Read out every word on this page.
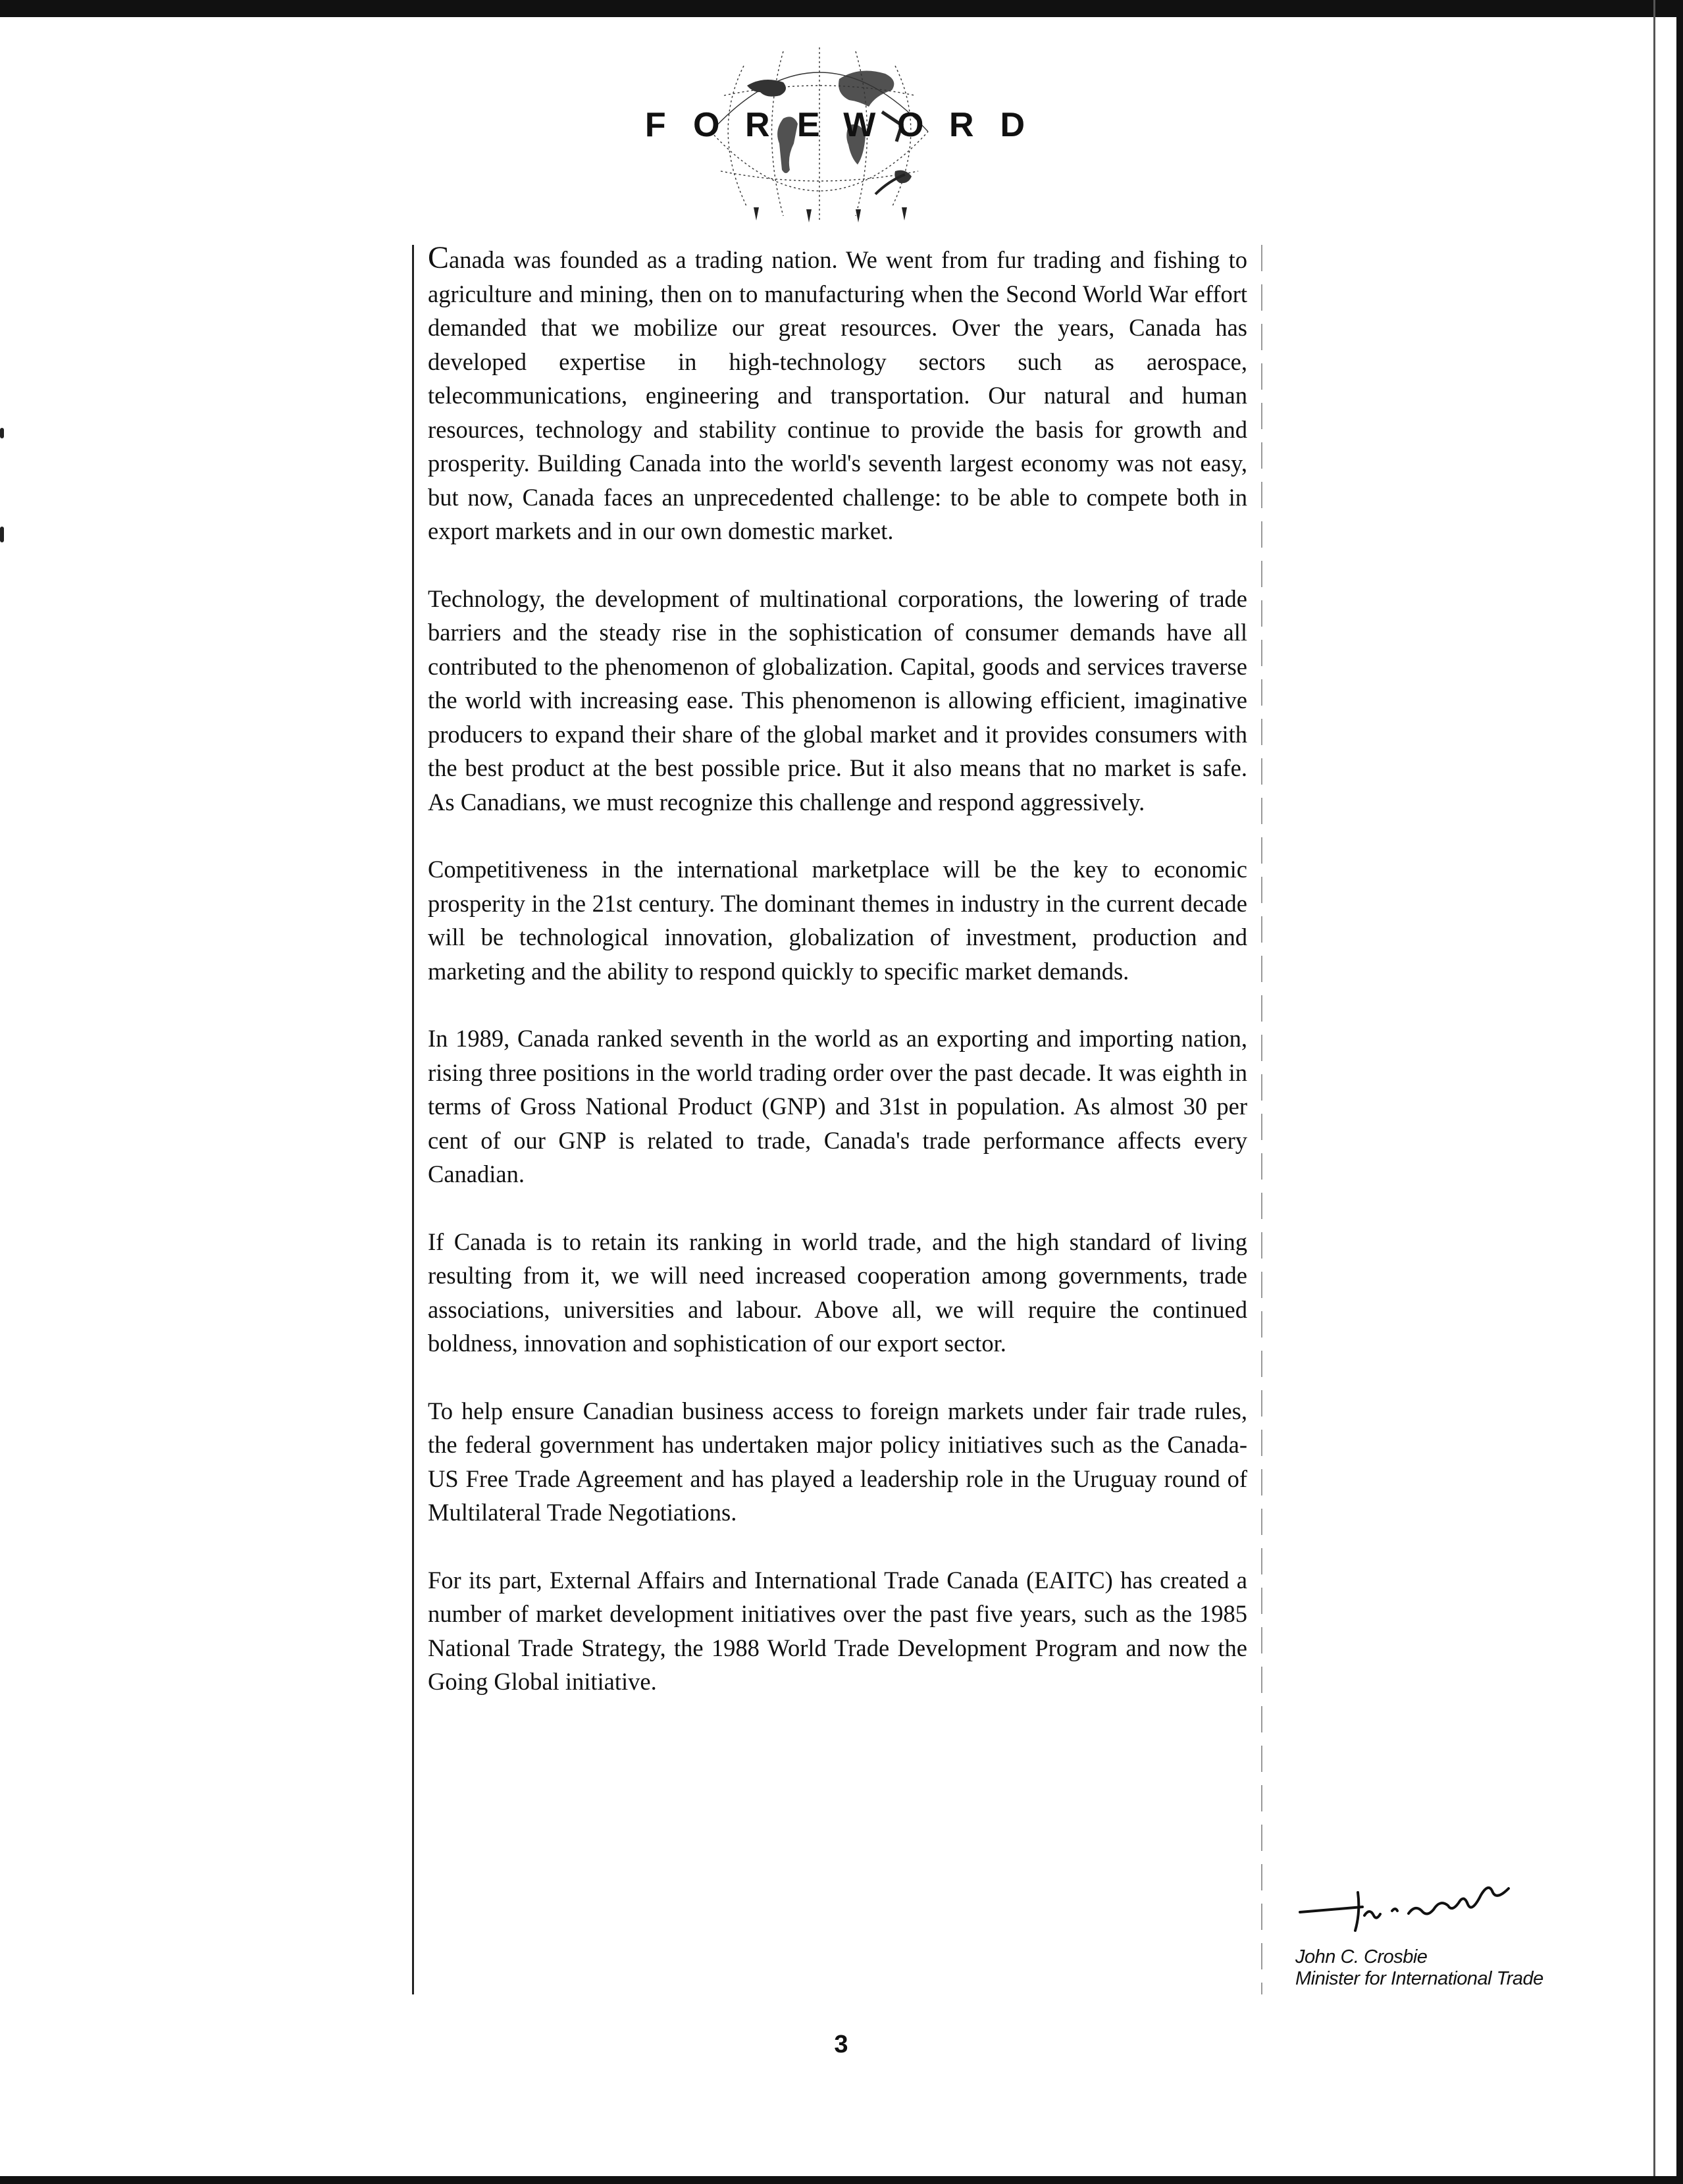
F O R E W O R D

Canada was founded as a trading nation. We went from fur trading and fishing to agriculture and mining, then on to manufacturing when the Second World War effort demanded that we mobilize our great resources. Over the years, Canada has developed expertise in high-technology sectors such as aerospace, telecommunications, engineering and transportation. Our natural and human resources, technology and stability continue to provide the basis for growth and prosperity. Building Canada into the world's seventh largest economy was not easy, but now, Canada faces an unprecedented challenge: to be able to compete both in export markets and in our own domestic market.

Technology, the development of multinational corporations, the lowering of trade barriers and the steady rise in the sophistication of consumer demands have all contributed to the phenomenon of globalization. Capital, goods and services traverse the world with increasing ease. This phenomenon is allowing efficient, imaginative producers to expand their share of the global market and it provides consumers with the best product at the best possible price. But it also means that no market is safe. As Canadians, we must recognize this challenge and respond aggressively.

Competitiveness in the international marketplace will be the key to economic prosperity in the 21st century. The dominant themes in industry in the current decade will be technological innovation, globalization of investment, production and marketing and the ability to respond quickly to specific market demands.

In 1989, Canada ranked seventh in the world as an exporting and importing nation, rising three positions in the world trading order over the past decade. It was eighth in terms of Gross National Product (GNP) and 31st in population. As almost 30 per cent of our GNP is related to trade, Canada's trade performance affects every Canadian.

If Canada is to retain its ranking in world trade, and the high standard of living resulting from it, we will need increased cooperation among governments, trade associations, universities and labour. Above all, we will require the continued boldness, innovation and sophistication of our export sector.

To help ensure Canadian business access to foreign markets under fair trade rules, the federal government has undertaken major policy initiatives such as the Canada-US Free Trade Agreement and has played a leadership role in the Uruguay round of Multilateral Trade Negotiations.

For its part, External Affairs and International Trade Canada (EAITC) has created a number of market development initiatives over the past five years, such as the 1985 National Trade Strategy, the 1988 World Trade Development Program and now the Going Global initiative.

John C. Crosbie
Minister for International Trade
3
